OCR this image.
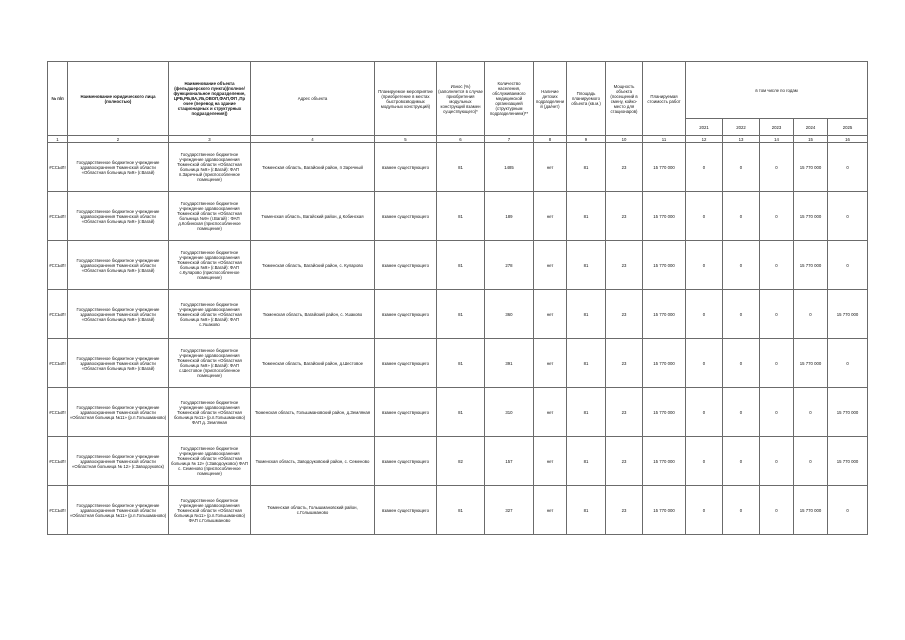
№ п/п	Наименование юридического лица (полностью)	Наименование объекта (фельдшерского пункта)(полное/функциональное подразделение, ЦРБ,РБ,ВА,УБ,ОВОП,ФАП,ФП ,Пр очее (перевод на здание стационарных и структурных подразделения))	Адрес объекта	Планируемое мероприятие (приобретение в местах быстровозводимых модульных конструкций)	Износ (%) (заполняется в случае приобретения модульных конструкций взамен существующего)*	Количество населения, обслуживаемого медицинской организацией (структурным подразделением)**	Наличие детских подразделени й (да/нет)	Площадь планируемого объекта (кв.м.)	Мощность объекта (посещений в смену, койко-место для стационаров)	Планируемая стоимость работ	в том числе по годам				
											2021	2022	2023	2024	2025
1	2	3	4	5	6	7	8	9	10	11	12	13	14	15	16
#ССЫЛ!	Государственное бюджетное учреждение здравоохранения Тюменской области «Областная больница №9» (г.Вагай)	Государственное бюджетное учреждение здравоохранения Тюменской области «Областная больница №9» (г.Вагай): ФАП п.Заречный (приспособленное помещение)	Тюменская область, Вагайский район, п Заречный	взамен существующего	81	1485	нет	81	23	15 770 000	0	0	0	15 770 000	0
#ССЫЛ!	Государственное бюджетное учреждение здравоохранения Тюменской области «Областная больница №9» (г.Вагай)	Государственное бюджетное учреждение здравоохранения Тюменской области «Областная больница №9» (г.Вагай) : ФАП д.Кобинская (приспособленное помещение)	Тюменская область, Вагайский район, д Кобинская	взамен существующего	81	189	нет	81	23	15 770 000	0	0	0	15 770 000	0
#ССЫЛ!	Государственное бюджетное учреждение здравоохранения Тюменской области «Областная больница №9» (г.Вагай)	Государственное бюджетное учреждение здравоохранения Тюменской области «Областная больница №9» (г.Вагай): ФАП с.Куларово (приспособленное помещение)	Тюменская область, Вагайский район, с. Куларово	взамен существующего	81	278	нет	81	23	15 770 000	0	0	0	15 770 000	0
#ССЫЛ!	Государственное бюджетное учреждение здравоохранения Тюменской области «Областная больница №9» (г.Вагай)	Государственное бюджетное учреждение здравоохранения Тюменской области «Областная больница №9» (г.Вагай): ФАП с.Ушаково	Тюменская область, Вагайский район, с. Ушаково	взамен существующего	81	360	нет	81	23	15 770 000	0	0	0	0	15 770 000
#ССЫЛ!	Государственное бюджетное учреждение здравоохранения Тюменской области «Областная больница №9» (г.Вагай)	Государственное бюджетное учреждение здравоохранения Тюменской области «Областная больница №9» (г.Вагай): ФАП с.Шестовое (приспособленное помещение)	Тюменская область, Вагайский район, д.Шестовое	взамен существующего	81	391	нет	81	23	15 770 000	0	0	0	15 770 000	0
#ССЫЛ!	Государственное бюджетное учреждение здравоохранения Тюменской области «Областная больница №11» (р.п.Голышманово)	Государственное бюджетное учреждение здравоохранения Тюменской области «Областная больница №11» (р.п.Голышманово) ФАП д. Земляная	Тюменская область, Голышмановский район, д.Земляная	взамен существующего	81	310	нет	81	23	15 770 000	0	0	0	0	15 770 000
#ССЫЛ!	Государственное бюджетное учреждение здравоохранения Тюменской области «Областная больница № 12» (г.Заводоуковск)	Государственное бюджетное учреждение здравоохранения Тюменской области «Областная больница № 12» (г.Заводоуковск) ФАП с. Семеново (приспособленное помещение)	Тюменская область, Заводоуковский район, с. Семеново	взамен существующего	82	157	нет	81	23	15 770 000	0	0	0	0	15 770 000
#ССЫЛ!	Государственное бюджетное учреждение здравоохранения Тюменской области «Областная больница №11» (р.п.Голышманово)	Государственное бюджетное учреждение здравоохранения Тюменской области «Областная больница №11» (р.п.Голышманово) ФАП с.Голышманово	Тюменская область, Голышмановский район, с.Голышманово	взамен существующего	81	327	нет	81	23	15 770 000	0	0	0	15 770 000	0
